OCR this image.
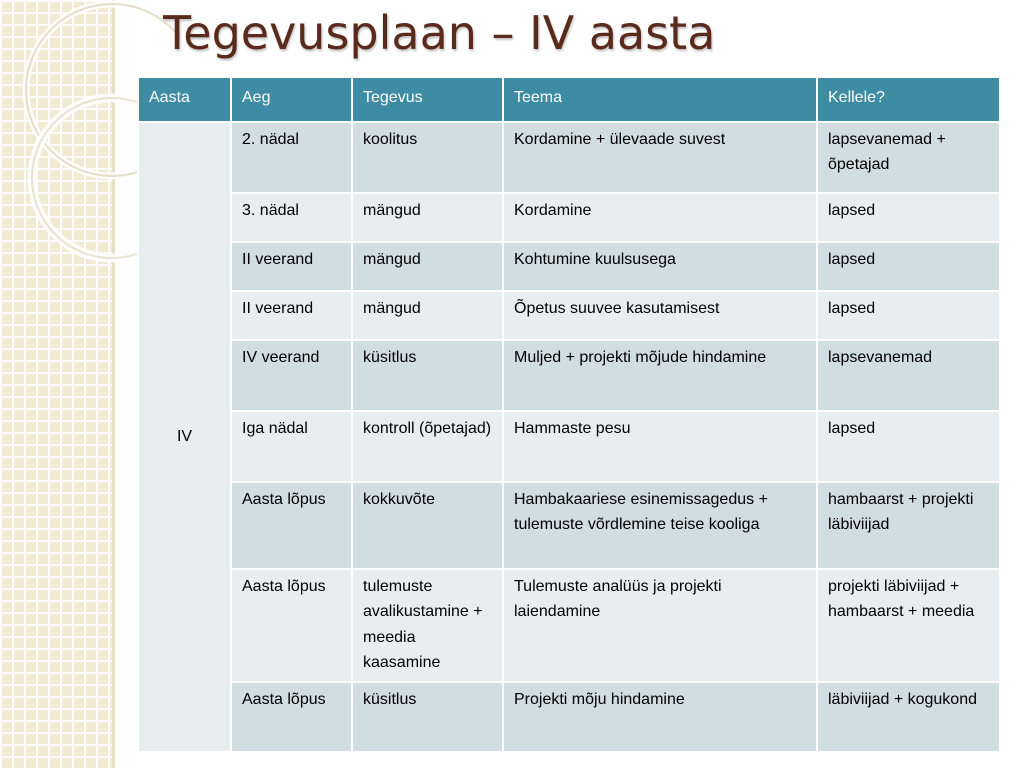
Tegevusplaan – IV aasta
Aasta	Aeg	Tegevus	Teema	Kellele?
IV	2. nädal	koolitus	Kordamine + ülevaade suvest	lapsevanemad + õpetajad
	3. nädal	mängud	Kordamine	lapsed
	II veerand	mängud	Kohtumine kuulsusega	lapsed
	II veerand	mängud	Õpetus suuvee kasutamisest	lapsed
	IV veerand	küsitlus	Muljed + projekti mõjude hindamine	lapsevanemad
	Iga nädal	kontroll (õpetajad)	Hammaste pesu	lapsed
	Aasta lõpus	kokkuvõte	Hambakaariese esinemissagedus + tulemuste võrdlemine teise kooliga	hambaarst + projekti läbiviijad
	Aasta lõpus	tulemuste avalikustamine + meedia kaasamine	Tulemuste analüüs ja projekti laiendamine	projekti läbiviijad + hambaarst + meedia
	Aasta lõpus	küsitlus	Projekti mõju hindamine	läbiviijad + kogukond
